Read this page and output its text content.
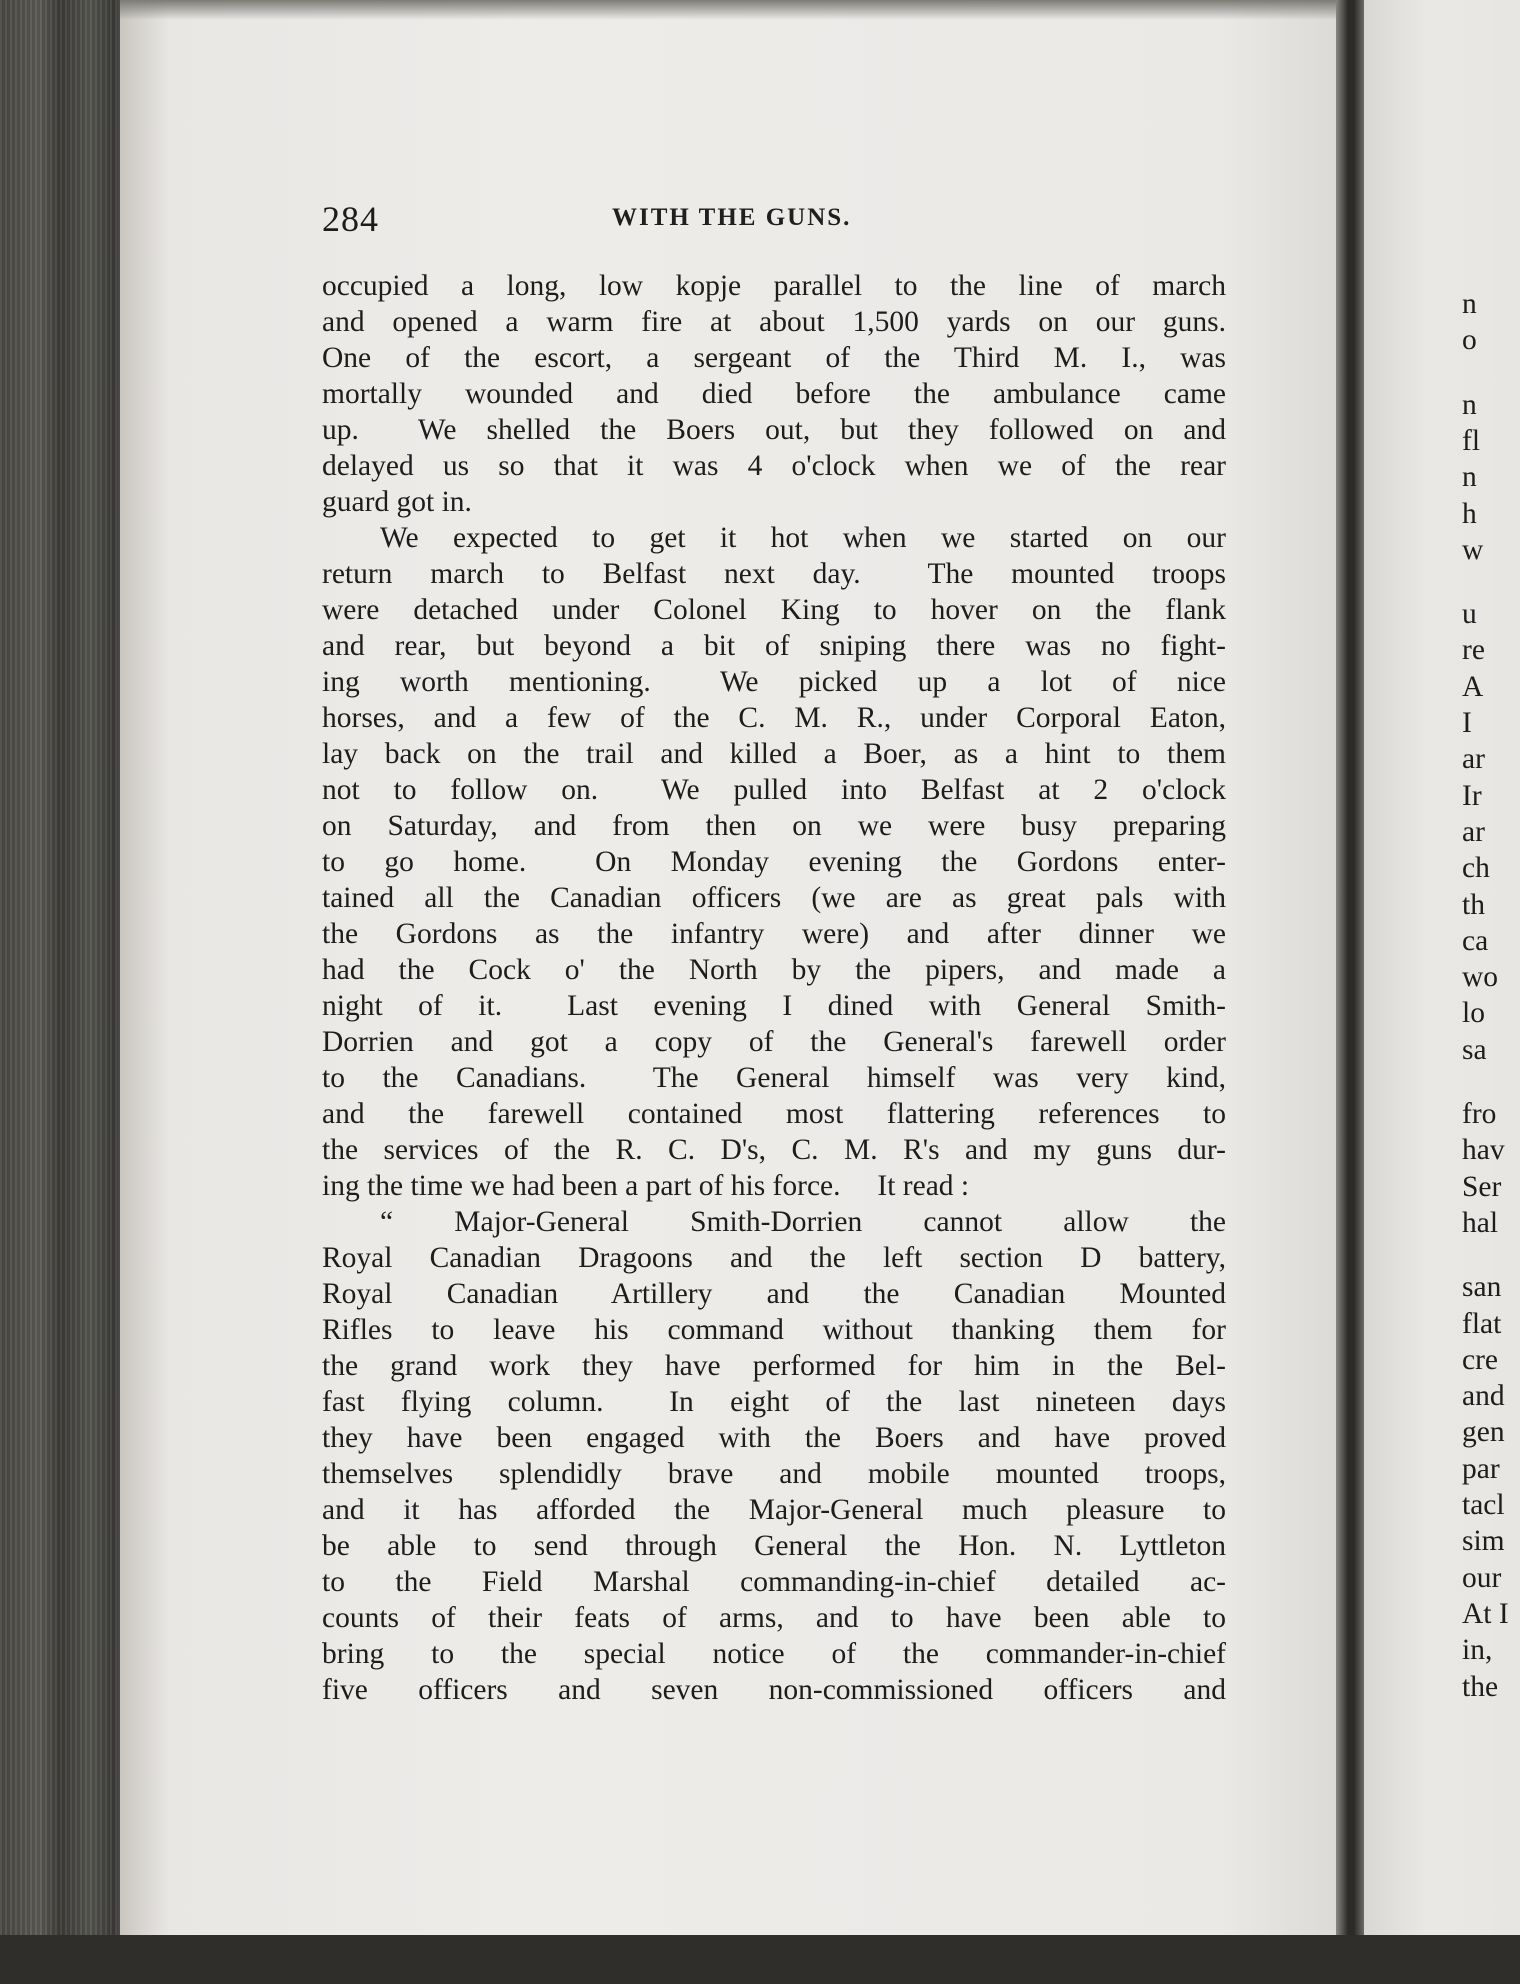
284	WITH THE GUNS.
occupied a long, low kopje parallel to the line of march
and opened a warm fire at about 1,500 yards on our guns.
One of the escort, a sergeant of the Third M. I., was
mortally wounded and died before the ambulance came
up.  We shelled the Boers out, but they followed on and
delayed us so that it was 4 o'clock when we of the rear
guard got in.
We expected to get it hot when we started on our
return march to Belfast next day.  The mounted troops
were detached under Colonel King to hover on the flank
and rear, but beyond a bit of sniping there was no fight-
ing worth mentioning.  We picked up a lot of nice
horses, and a few of the C. M. R., under Corporal Eaton,
lay back on the trail and killed a Boer, as a hint to them
not to follow on.  We pulled into Belfast at 2 o'clock
on Saturday, and from then on we were busy preparing
to go home.  On Monday evening the Gordons enter-
tained all the Canadian officers (we are as great pals with
the Gordons as the infantry were) and after dinner we
had the Cock o' the North by the pipers, and made a
night of it.  Last evening I dined with General Smith-
Dorrien and got a copy of the General's farewell order
to the Canadians.  The General himself was very kind,
and the farewell contained most flattering references to
the services of the R. C. D's, C. M. R's and my guns dur-
ing the time we had been a part of his force.  It read :
“ Major-General Smith-Dorrien cannot allow the
Royal Canadian Dragoons and the left section D battery,
Royal Canadian Artillery and the Canadian Mounted
Rifles to leave his command without thanking them for
the grand work they have performed for him in the Bel-
fast flying column.  In eight of the last nineteen days
they have been engaged with the Boers and have proved
themselves splendidly brave and mobile mounted troops,
and it has afforded the Major-General much pleasure to
be able to send through General the Hon. N. Lyttleton
to the Field Marshal commanding-in-chief detailed ac-
counts of their feats of arms, and to have been able to
bring to the special notice of the commander-in-chief
five officers and seven non-commissioned officers and
n
o
n
fl
n
h
w
u
re
A
I
ar
Ir
ar
ch
th
ca
wo
lo
sa
fro
hav
Ser
hal
san
flat
cre
and
gen
par
tacl
sim
our
At I
in,
the
